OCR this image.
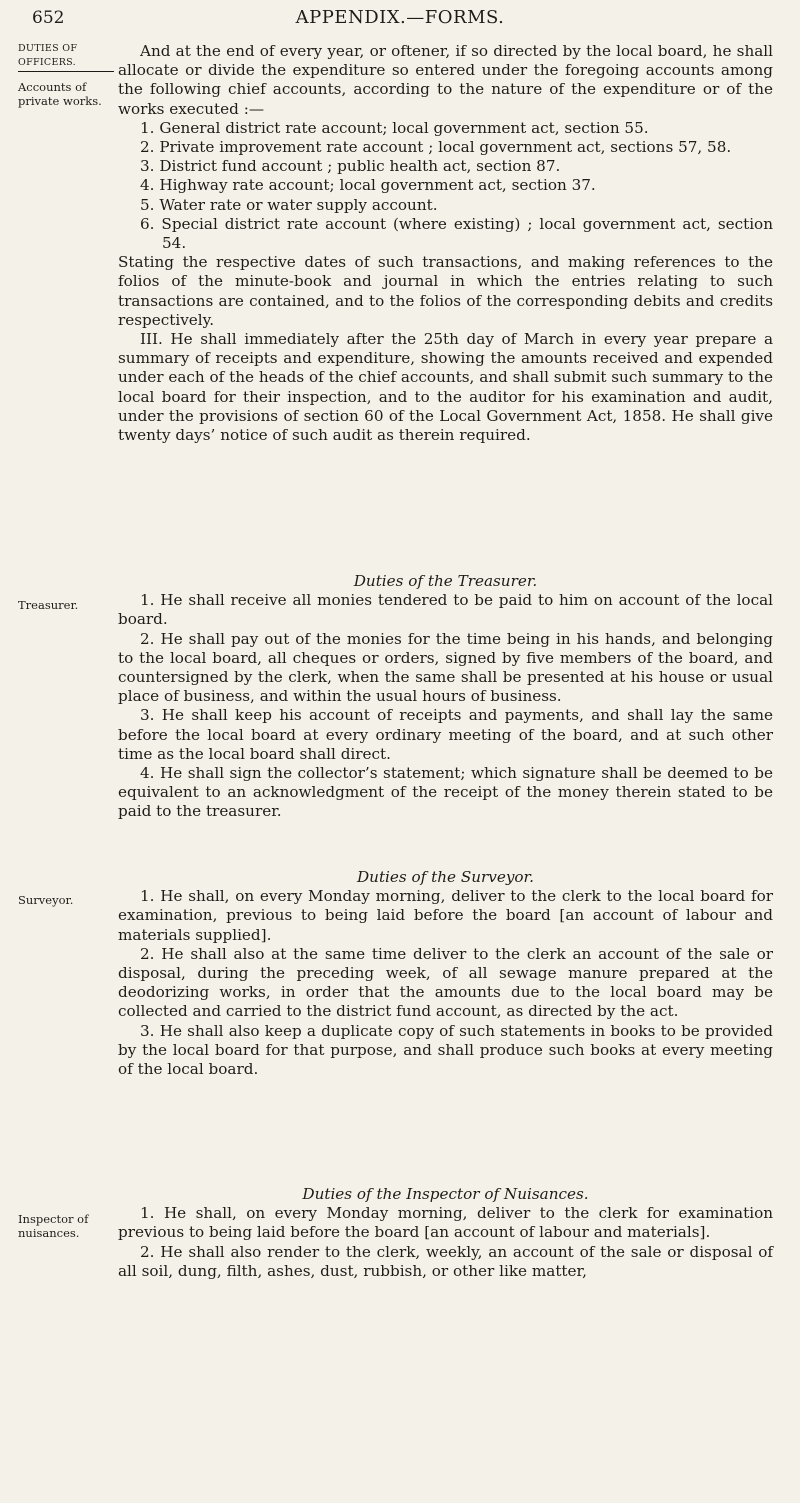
652	APPENDIX.—FORMS.
DUTIES OF OFFICERS.
Accounts of private works.
Treasurer.
Surveyor.
Inspector of nuisances.

And at the end of every year, or oftener, if so directed by the local board, he shall allocate or divide the expenditure so entered under the foregoing accounts among the following chief accounts, according to the nature of the expenditure or of the works executed :—

1. General district rate account; local government act, section 55.

2. Private improvement rate account ; local government act, sections 57, 58.

3. District fund account ; public health act, section 87.

4. Highway rate account; local government act, section 37.

5. Water rate or water supply account.

6. Special district rate account (where existing) ; local government act, section 54.

Stating the respective dates of such transactions, and making references to the folios of the minute-book and journal in which the entries relating to such transactions are contained, and to the folios of the corresponding debits and credits respectively.

III. He shall immediately after the 25th day of March in every year prepare a summary of receipts and expenditure, showing the amounts received and expended under each of the heads of the chief accounts, and shall submit such summary to the local board for their inspection, and to the auditor for his examination and audit, under the provisions of section 60 of the Local Government Act, 1858. He shall give twenty days’ notice of such audit as therein required.

Duties of the Treasurer.

1. He shall receive all monies tendered to be paid to him on account of the local board.

2. He shall pay out of the monies for the time being in his hands, and belonging to the local board, all cheques or orders, signed by five members of the board, and countersigned by the clerk, when the same shall be presented at his house or usual place of business, and within the usual hours of business.

3. He shall keep his account of receipts and payments, and shall lay the same before the local board at every ordinary meeting of the board, and at such other time as the local board shall direct.

4. He shall sign the collector’s statement; which signature shall be deemed to be equivalent to an acknowledgment of the receipt of the money therein stated to be paid to the treasurer.

Duties of the Surveyor.

1. He shall, on every Monday morning, deliver to the clerk to the local board for examination, previous to being laid before the board [an account of labour and materials supplied].

2. He shall also at the same time deliver to the clerk an account of the sale or disposal, during the preceding week, of all sewage manure prepared at the deodorizing works, in order that the amounts due to the local board may be collected and carried to the district fund account, as directed by the act.

3. He shall also keep a duplicate copy of such statements in books to be provided by the local board for that purpose, and shall produce such books at every meeting of the local board.

Duties of the Inspector of Nuisances.

1. He shall, on every Monday morning, deliver to the clerk for examination previous to being laid before the board [an account of labour and materials].

2. He shall also render to the clerk, weekly, an account of the sale or disposal of all soil, dung, filth, ashes, dust, rubbish, or other like matter,
